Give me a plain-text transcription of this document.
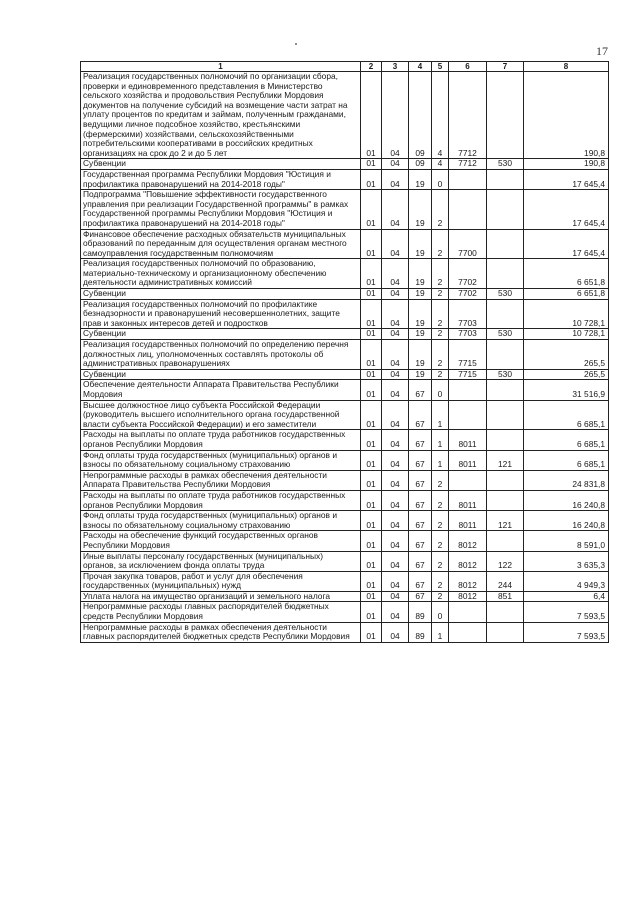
17
1	2	3	4	5	6	7	8
Реализация государственных полномочий по организации сбора, проверки и единовременного представления в Министерство сельского хозяйства и продовольствия Республики Мордовия документов на получение субсидий на возмещение части затрат на уплату процентов по кредитам и займам, полученным гражданами, ведущими личное подсобное хозяйство, крестьянскими (фермерскими) хозяйствами, сельскохозяйственными потребительскими кооперативами в российских кредитных организациях на срок до 2 и до 5 лет	01	04	09	4	7712		190,8
Субвенции	01	04	09	4	7712	530	190,8
Государственная программа Республики Мордовия "Юстиция и профилактика правонарушений на 2014-2018 годы"	01	04	19	0			17 645,4
Подпрограмма "Повышение эффективности государственного управления при реализации Государственной программы" в рамках Государственной программы Республики Мордовия "Юстиция и профилактика правонарушений на 2014-2018 годы"	01	04	19	2			17 645,4
Финансовое обеспечение расходных обязательств муниципальных образований по переданным для осуществления органам местного самоуправления государственным полномочиям	01	04	19	2	7700		17 645,4
Реализация государственных полномочий по образованию, материально-техническому и организационному обеспечению деятельности административных комиссий	01	04	19	2	7702		6 651,8
Субвенции	01	04	19	2	7702	530	6 651,8
Реализация государственных полномочий по профилактике безнадзорности и правонарушений несовершеннолетних, защите прав и законных интересов детей и подростков	01	04	19	2	7703		10 728,1
Субвенции	01	04	19	2	7703	530	10 728,1
Реализация государственных полномочий по определению перечня должностных лиц, уполномоченных составлять протоколы об административных правонарушениях	01	04	19	2	7715		265,5
Субвенции	01	04	19	2	7715	530	265,5
Обеспечение деятельности Аппарата Правительства Республики Мордовия	01	04	67	0			31 516,9
Высшее должностное лицо субъекта Российской Федерации (руководитель высшего исполнительного органа государственной власти субъекта Российской Федерации) и его заместители	01	04	67	1			6 685,1
Расходы на выплаты по оплате труда работников государственных органов Республики Мордовия	01	04	67	1	8011		6 685,1
Фонд оплаты труда государственных (муниципальных) органов и взносы по обязательному социальному страхованию	01	04	67	1	8011	121	6 685,1
Непрограммные расходы в рамках обеспечения деятельности Аппарата Правительства Республики Мордовия	01	04	67	2			24 831,8
Расходы на выплаты по оплате труда работников государственных органов Республики Мордовия	01	04	67	2	8011		16 240,8
Фонд оплаты труда государственных (муниципальных) органов и взносы по обязательному социальному страхованию	01	04	67	2	8011	121	16 240,8
Расходы на обеспечение функций государственных органов Республики Мордовия	01	04	67	2	8012		8 591,0
Иные выплаты персоналу государственных (муниципальных) органов, за исключением фонда оплаты труда	01	04	67	2	8012	122	3 635,3
Прочая закупка товаров, работ и услуг для обеспечения государственных (муниципальных) нужд	01	04	67	2	8012	244	4 949,3
Уплата налога на имущество организаций и земельного налога	01	04	67	2	8012	851	6,4
Непрограммные расходы главных распорядителей бюджетных средств Республики Мордовия	01	04	89	0			7 593,5
Непрограммные расходы в рамках обеспечения деятельности главных распорядителей бюджетных средств Республики Мордовия	01	04	89	1			7 593,5
